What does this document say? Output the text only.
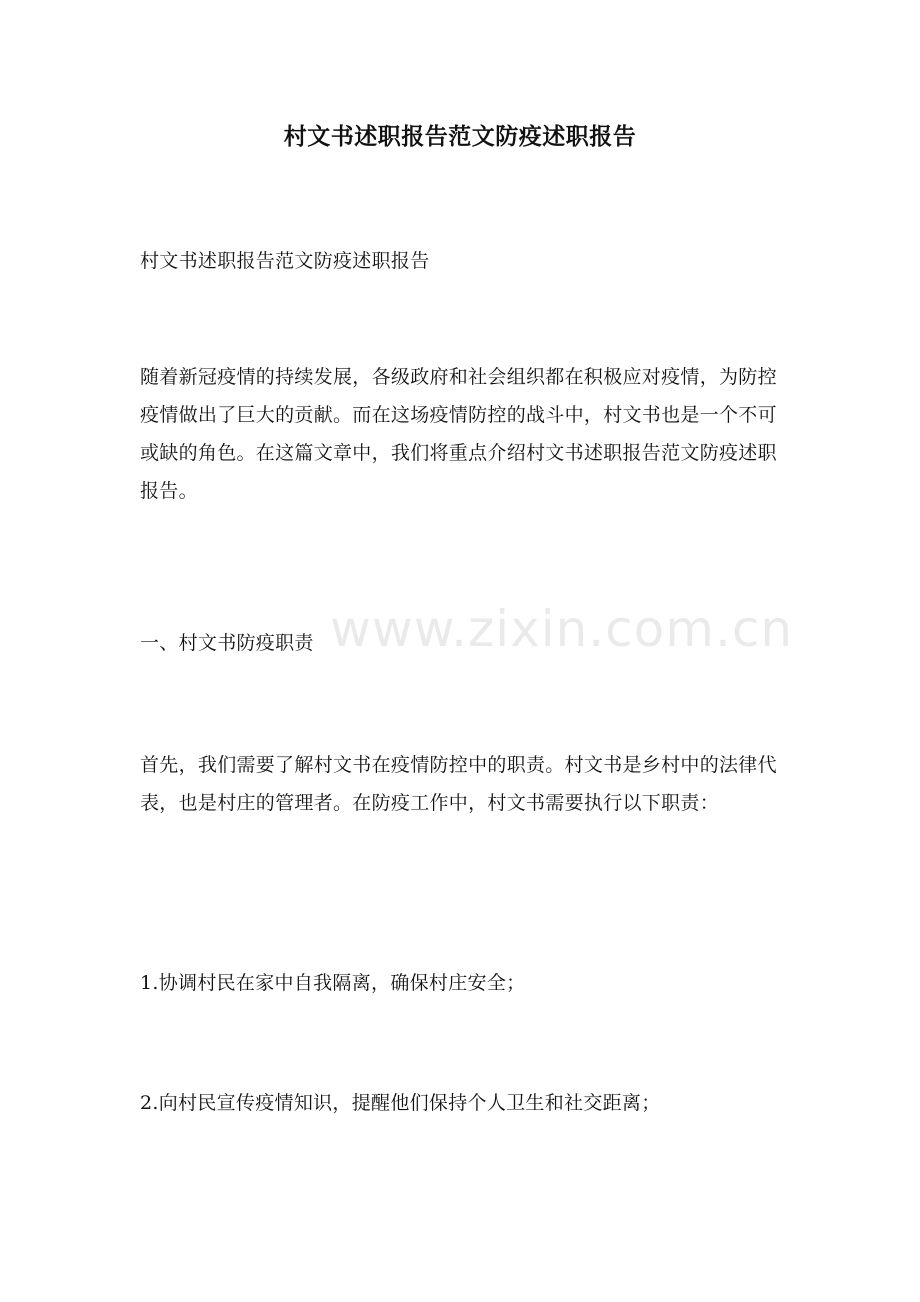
村文书述职报告范文防疫述职报告
村文书述职报告范文防疫述职报告
随着新冠疫情的持续发展，各级政府和社会组织都在积极应对疫情，为防控疫情做出了巨大的贡献。而在这场疫情防控的战斗中，村文书也是一个不可或缺的角色。在这篇文章中，我们将重点介绍村文书述职报告范文防疫述职报告。
一、村文书防疫职责
首先，我们需要了解村文书在疫情防控中的职责。村文书是乡村中的法律代表，也是村庄的管理者。在防疫工作中，村文书需要执行以下职责：
1.协调村民在家中自我隔离，确保村庄安全；
2.向村民宣传疫情知识，提醒他们保持个人卫生和社交距离；
www.zixin.com.cn
